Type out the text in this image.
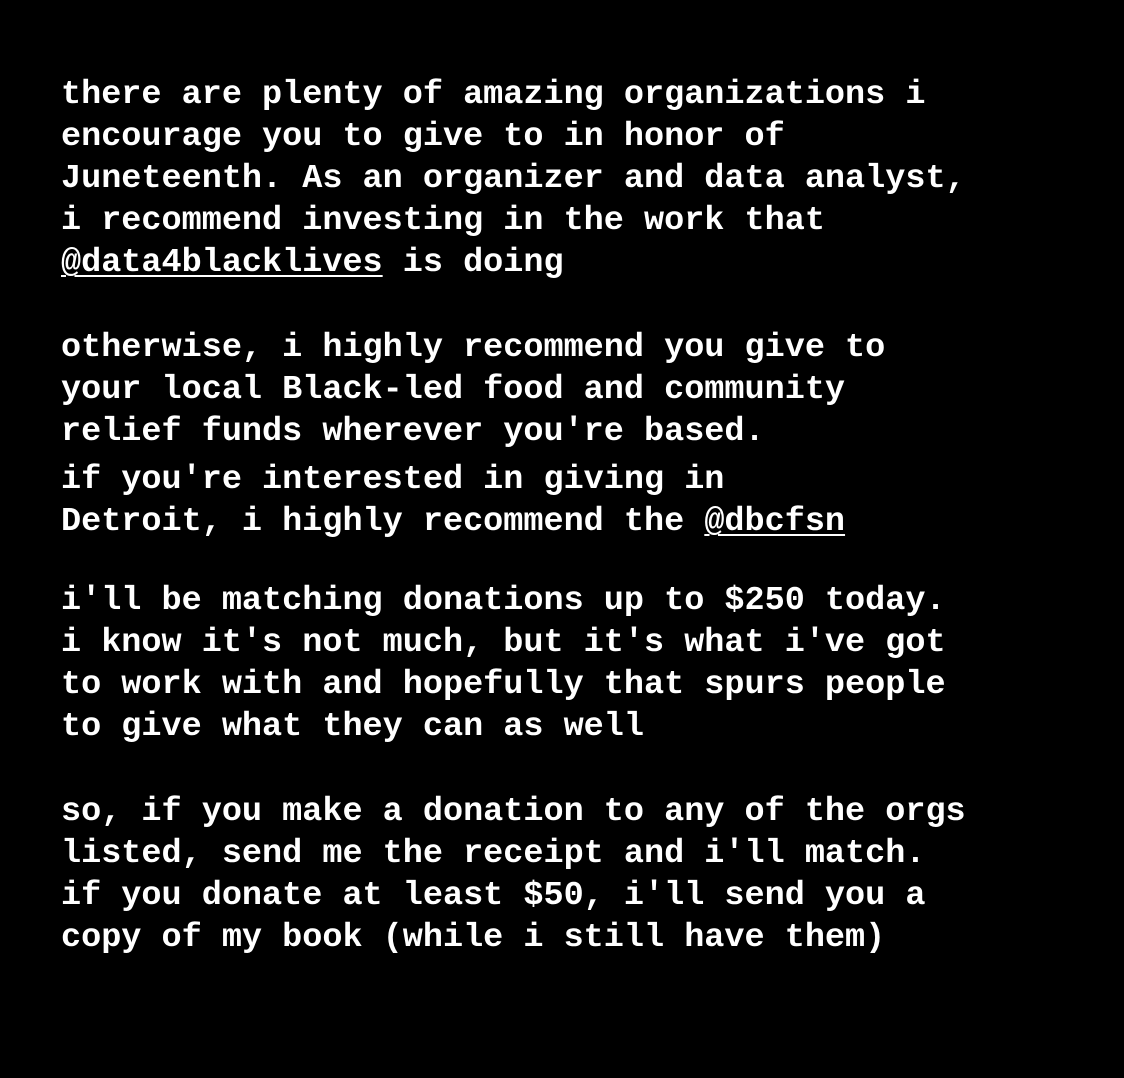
there are plenty of amazing organizations i
encourage you to give to in honor of
Juneteenth. As an organizer and data analyst,
i recommend investing in the work that
@data4blacklives is doing
otherwise, i highly recommend you give to
your local Black-led food and community
relief funds wherever you're based.
if you're interested in giving in
Detroit, i highly recommend the @dbcfsn
i'll be matching donations up to $250 today.
i know it's not much, but it's what i've got
to work with and hopefully that spurs people
to give what they can as well
so, if you make a donation to any of the orgs
listed, send me the receipt and i'll match.
if you donate at least $50, i'll send you a
copy of my book (while i still have them)
